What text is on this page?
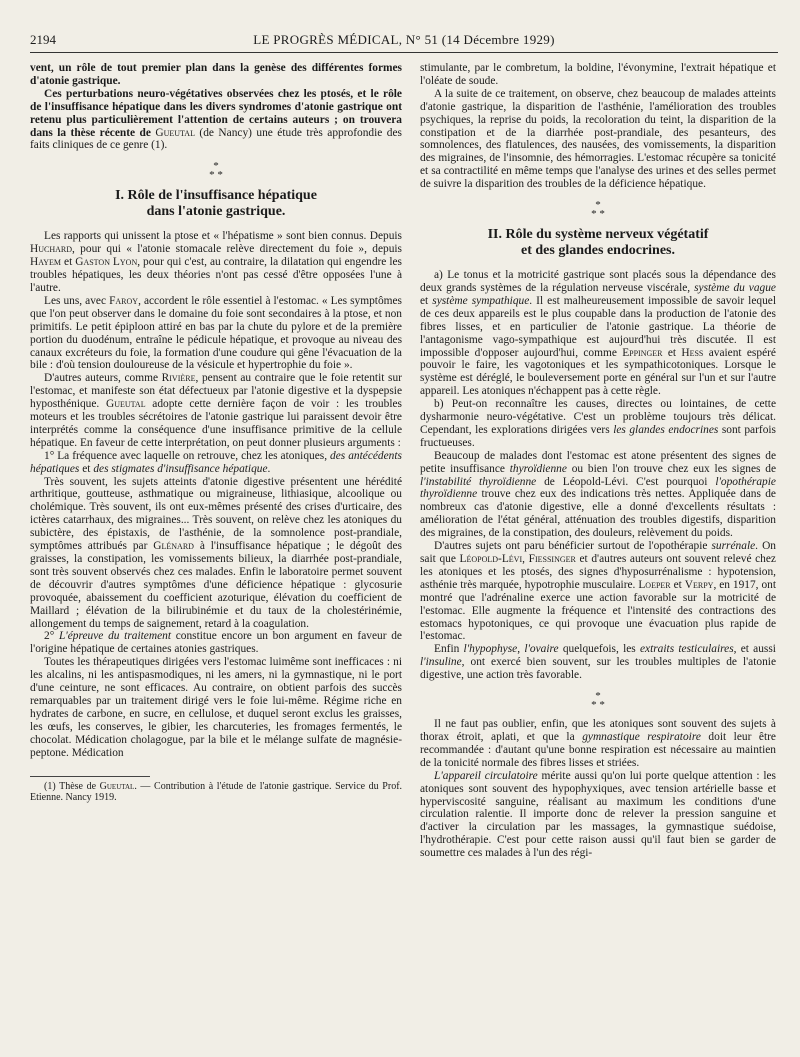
2194	LE PROGRÈS MÉDICAL, N° 51 (14 Décembre 1929)

vent, un rôle de tout premier plan dans la genèse des différentes formes d'atonie gastrique.

Ces perturbations neuro-végétatives observées chez les ptosés, et le rôle de l'insuffisance hépatique dans les divers syndromes d'atonie gastrique ont retenu plus particulièrement l'attention de certains auteurs ; on trouvera dans la thèse récente de Gueutal (de Nancy) une étude très approfondie des faits cliniques de ce genre (1).

*
* *
I. Rôle de l'insuffisance hépatique
dans l'atonie gastrique.

Les rapports qui unissent la ptose et « l'hépatisme » sont bien connus. Depuis Huchard, pour qui « l'atonie stomacale relève directement du foie », depuis Hayem et Gaston Lyon, pour qui c'est, au contraire, la dilatation qui engendre les troubles hépatiques, les deux théories n'ont pas cessé d'être opposées l'une à l'autre.

Les uns, avec Faroy, accordent le rôle essentiel à l'estomac. « Les symptômes que l'on peut observer dans le domaine du foie sont secondaires à la ptose, et non primitifs. Le petit épiploon attiré en bas par la chute du pylore et de la première portion du duodénum, entraîne le pédicule hépatique, et provoque au niveau des canaux excréteurs du foie, la formation d'une coudure qui gêne l'évacuation de la bile : d'où tension douloureuse de la vésicule et hypertrophie du foie ».

D'autres auteurs, comme Rivière, pensent au contraire que le foie retentit sur l'estomac, et manifeste son état défectueux par l'atonie digestive et la dyspepsie hyposthénique. Gueutal adopte cette dernière façon de voir : les troubles moteurs et les troubles sécrétoires de l'atonie gastrique lui paraissent devoir être interprétés comme la conséquence d'une insuffisance primitive de la cellule hépatique. En faveur de cette interprétation, on peut donner plusieurs arguments :

1° La fréquence avec laquelle on retrouve, chez les atoniques, des antécédents hépatiques et des stigmates d'insuffisance hépatique.

Très souvent, les sujets atteints d'atonie digestive présentent une hérédité arthritique, goutteuse, asthmatique ou migraineuse, lithiasique, alcoolique ou cholémique. Très souvent, ils ont eux-mêmes présenté des crises d'urticaire, des ictères catarrhaux, des migraines... Très souvent, on relève chez les atoniques du subictère, des épistaxis, de l'asthénie, de la somnolence post-prandiale, symptômes attribués par Glénard à l'insuffisance hépatique ; le dégoût des graisses, la constipation, les vomissements bilieux, la diarrhée post-prandiale, sont très souvent observés chez ces malades. Enfin le laboratoire permet souvent de découvrir d'autres symptômes d'une déficience hépatique : glycosurie provoquée, abaissement du coefficient azoturique, élévation du coefficient de Maillard ; élévation de la bilirubinémie et du taux de la cholestérinémie, allongement du temps de saignement, retard à la coagulation.

2° L'épreuve du traitement constitue encore un bon argument en faveur de l'origine hépatique de certaines atonies gastriques.

Toutes les thérapeutiques dirigées vers l'estomac luimême sont inefficaces : ni les alcalins, ni les antispasmodiques, ni les amers, ni la gymnastique, ni le port d'une ceinture, ne sont efficaces. Au contraire, on obtient parfois des succès remarquables par un traitement dirigé vers le foie lui-même. Régime riche en hydrates de carbone, en sucre, en cellulose, et duquel seront exclus les graisses, les œufs, les conserves, le gibier, les charcuteries, les fromages fermentés, le chocolat. Médication cholagogue, par la bile et le mélange sulfate de magnésie-peptone. Médication

(1) Thèse de Gueutal. — Contribution à l'étude de l'atonie gastrique. Service du Prof. Etienne. Nancy 1919.

stimulante, par le combretum, la boldine, l'évonymine, l'extrait hépatique et l'oléate de soude.

A la suite de ce traitement, on observe, chez beaucoup de malades atteints d'atonie gastrique, la disparition de l'asthénie, l'amélioration des troubles psychiques, la reprise du poids, la recoloration du teint, la disparition de la constipation et de la diarrhée post-prandiale, des pesanteurs, des somnolences, des flatulences, des nausées, des vomissements, la disparition des migraines, de l'insomnie, des hémorragies. L'estomac récupère sa tonicité et sa contractilité en même temps que l'analyse des urines et des selles permet de suivre la disparition des troubles de la déficience hépatique.

*
* *
II. Rôle du système nerveux végétatif
et des glandes endocrines.

a) Le tonus et la motricité gastrique sont placés sous la dépendance des deux grands systèmes de la régulation nerveuse viscérale, système du vague et système sympathique. Il est malheureusement impossible de savoir lequel de ces deux appareils est le plus coupable dans la production de l'atonie des fibres lisses, et en particulier de l'atonie gastrique. La théorie de l'antagonisme vago-sympathique est aujourd'hui très discutée. Il est impossible d'opposer aujourd'hui, comme Eppinger et Hess avaient espéré pouvoir le faire, les vagotoniques et les sympathicotoniques. Lorsque le système est déréglé, le bouleversement porte en général sur l'un et sur l'autre appareil. Les atoniques n'échappent pas à cette règle.

b) Peut-on reconnaître les causes, directes ou lointaines, de cette dysharmonie neuro-végétative. C'est un problème toujours très délicat. Cependant, les explorations dirigées vers les glandes endocrines sont parfois fructueuses.

Beaucoup de malades dont l'estomac est atone présentent des signes de petite insuffisance thyroïdienne ou bien l'on trouve chez eux les signes de l'instabilité thyroïdienne de Léopold-Lévi. C'est pourquoi l'opothérapie thyroïdienne trouve chez eux des indications très nettes. Appliquée dans de nombreux cas d'atonie digestive, elle a donné d'excellents résultats : amélioration de l'état général, atténuation des troubles digestifs, disparition des migraines, de la constipation, des douleurs, relèvement du poids.

D'autres sujets ont paru bénéficier surtout de l'opothérapie surrénale. On sait que Léopold-Lévi, Fiessinger et d'autres auteurs ont souvent relevé chez les atoniques et les ptosés, des signes d'hyposurrénalisme : hypotension, asthénie très marquée, hypotrophie musculaire. Loeper et Verpy, en 1917, ont montré que l'adrénaline exerce une action favorable sur la motricité de l'estomac. Elle augmente la fréquence et l'intensité des contractions des estomacs hypotoniques, ce qui provoque une évacuation plus rapide de l'estomac.

Enfin l'hypophyse, l'ovaire quelquefois, les extraits testiculaires, et aussi l'insuline, ont exercé bien souvent, sur les troubles multiples de l'atonie digestive, une action très favorable.

*
* *

Il ne faut pas oublier, enfin, que les atoniques sont souvent des sujets à thorax étroit, aplati, et que la gymnastique respiratoire doit leur être recommandée : d'autant qu'une bonne respiration est nécessaire au maintien de la tonicité normale des fibres lisses et striées.

L'appareil circulatoire mérite aussi qu'on lui porte quelque attention : les atoniques sont souvent des hypophyxiques, avec tension artérielle basse et hyperviscosité sanguine, réalisant au maximum les conditions d'une circulation ralentie. Il importe donc de relever la pression sanguine et d'activer la circulation par les massages, la gymnastique suédoise, l'hydrothérapie. C'est pour cette raison aussi qu'il faut bien se garder de soumettre ces malades à l'un des régi-
